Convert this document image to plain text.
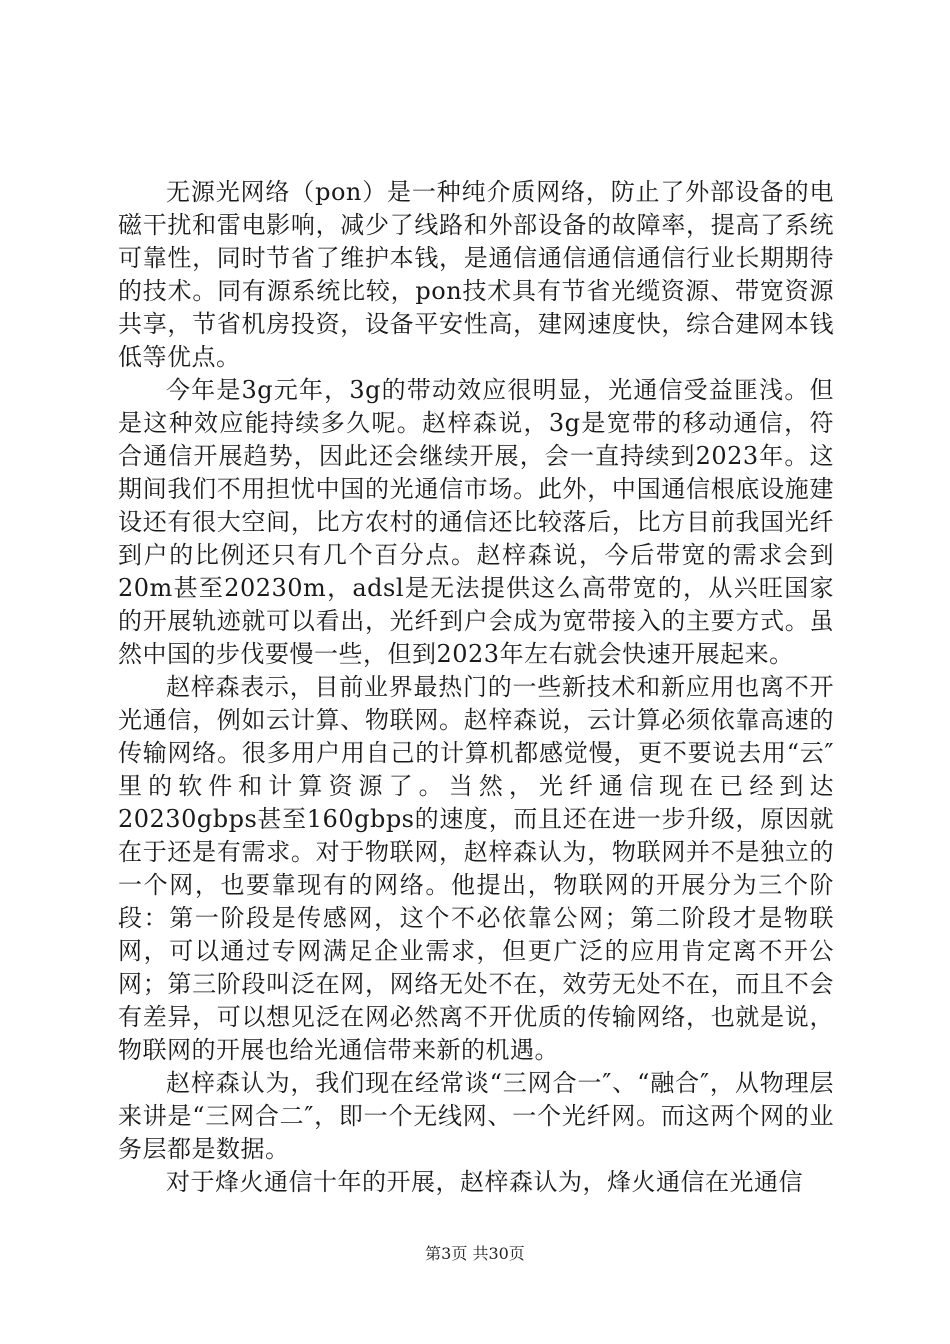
无源光网络（pon）是一种纯介质网络，防止了外部设备的电磁干扰和雷电影响，减少了线路和外部设备的故障率，提高了系统可靠性，同时节省了维护本钱，是通信通信通信通信行业长期期待的技术。同有源系统比较，pon技术具有节省光缆资源、带宽资源共享，节省机房投资，设备平安性高，建网速度快，综合建网本钱低等优点。

今年是3g元年，3g的带动效应很明显，光通信受益匪浅。但是这种效应能持续多久呢。赵梓森说，3g是宽带的移动通信，符合通信开展趋势，因此还会继续开展，会一直持续到2023年。这期间我们不用担忧中国的光通信市场。此外，中国通信根底设施建设还有很大空间，比方农村的通信还比较落后，比方目前我国光纤到户的比例还只有几个百分点。赵梓森说，今后带宽的需求会到20m甚至20230m，adsl是无法提供这么高带宽的，从兴旺国家的开展轨迹就可以看出，光纤到户会成为宽带接入的主要方式。虽然中国的步伐要慢一些，但到2023年左右就会快速开展起来。

赵梓森表示，目前业界最热门的一些新技术和新应用也离不开光通信，例如云计算、物联网。赵梓森说，云计算必须依靠高速的传输网络。很多用户用自己的计算机都感觉慢，更不要说去用“云″里的软件和计算资源了。当然，光纤通信现在已经到达20230gbps甚至160gbps的速度，而且还在进一步升级，原因就在于还是有需求。对于物联网，赵梓森认为，物联网并不是独立的一个网，也要靠现有的网络。他提出，物联网的开展分为三个阶段：第一阶段是传感网，这个不必依靠公网；第二阶段才是物联网，可以通过专网满足企业需求，但更广泛的应用肯定离不开公网；第三阶段叫泛在网，网络无处不在，效劳无处不在，而且不会有差异，可以想见泛在网必然离不开优质的传输网络，也就是说，物联网的开展也给光通信带来新的机遇。

赵梓森认为，我们现在经常谈“三网合一″、“融合″，从物理层来讲是“三网合二″，即一个无线网、一个光纤网。而这两个网的业务层都是数据。

对于烽火通信十年的开展，赵梓森认为，烽火通信在光通信

第3页 共30页
